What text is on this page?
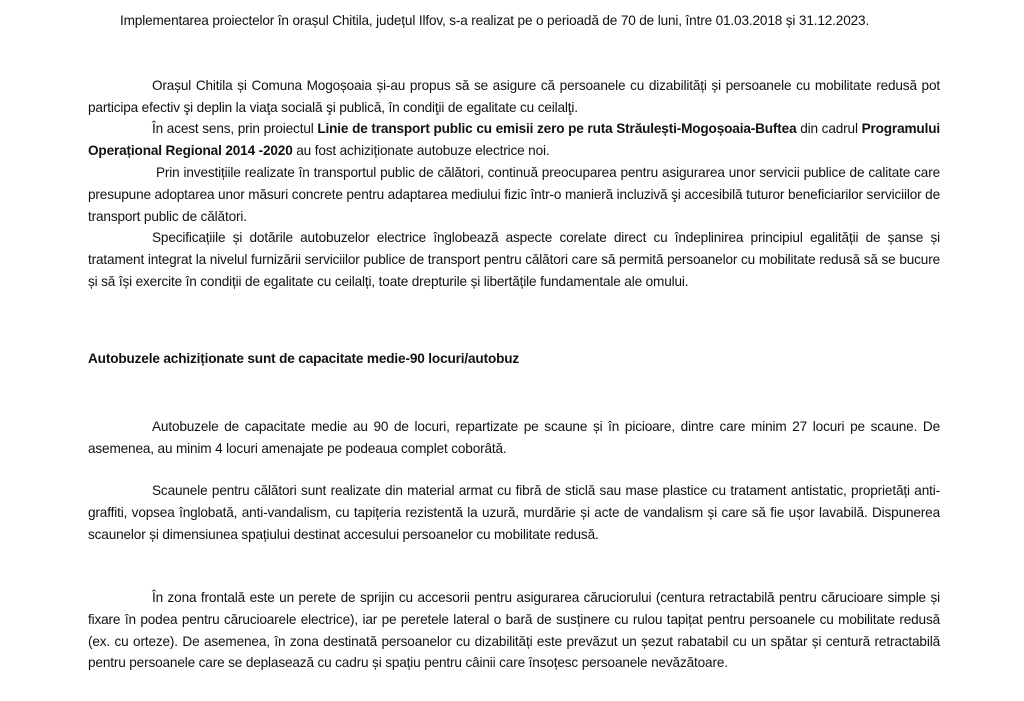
Implementarea proiectelor în orașul Chitila, județul Ilfov, s-a realizat pe o perioadă de 70 de luni, între 01.03.2018 și 31.12.2023.

Orașul Chitila și Comuna Mogoșoaia și-au propus să se asigure că persoanele cu dizabilități și persoanele cu mobilitate redusă pot participa efectiv şi deplin la viaţa socială şi publică, în condiţii de egalitate cu ceilalţi.

În acest sens, prin proiectul Linie de transport public cu emisii zero pe ruta Străulești-Mogoșoaia-Buftea din cadrul Programului Operațional Regional 2014 -2020 au fost achiziționate autobuze electrice noi.

Prin investițiile realizate în transportul public de călători, continuă preocuparea pentru asigurarea unor servicii publice de calitate care presupune adoptarea unor măsuri concrete pentru adaptarea mediului fizic într-o manieră incluzivă şi accesibilă tuturor beneficiarilor serviciilor de transport public de călători.

Specificațiile și dotările autobuzelor electrice înglobează aspecte corelate direct cu îndeplinirea principiul egalității de șanse și tratament integrat la nivelul furnizării serviciilor publice de transport pentru călători care să permită persoanelor cu mobilitate redusă să se bucure și să își exercite în condiții de egalitate cu ceilalți, toate drepturile și libertățile fundamentale ale omului.

Autobuzele achiziționate sunt de capacitate medie-90 locuri/autobuz

Autobuzele de capacitate medie au 90 de locuri, repartizate pe scaune și în picioare, dintre care minim 27 locuri pe scaune. De asemenea, au minim 4 locuri amenajate pe podeaua complet coborâtă.

Scaunele pentru călători sunt realizate din material armat cu fibră de sticlă sau mase plastice cu tratament antistatic, proprietăți anti-graffiti, vopsea înglobată, anti-vandalism, cu tapițeria rezistentă la uzură, murdărie și acte de vandalism și care să fie ușor lavabilă. Dispunerea scaunelor și dimensiunea spațiului destinat accesului persoanelor cu mobilitate redusă.

În zona frontală este un perete de sprijin cu accesorii pentru asigurarea căruciorului (centura retractabilă pentru cărucioare simple și fixare în podea pentru cărucioarele electrice), iar pe peretele lateral o bară de susținere cu rulou tapițat pentru persoanele cu mobilitate redusă (ex. cu orteze). De asemenea, în zona destinată persoanelor cu dizabilități este prevăzut un șezut rabatabil cu un spătar și centură retractabilă pentru persoanele care se deplasează cu cadru și spațiu pentru câinii care însoțesc persoanele nevăzătoare.
